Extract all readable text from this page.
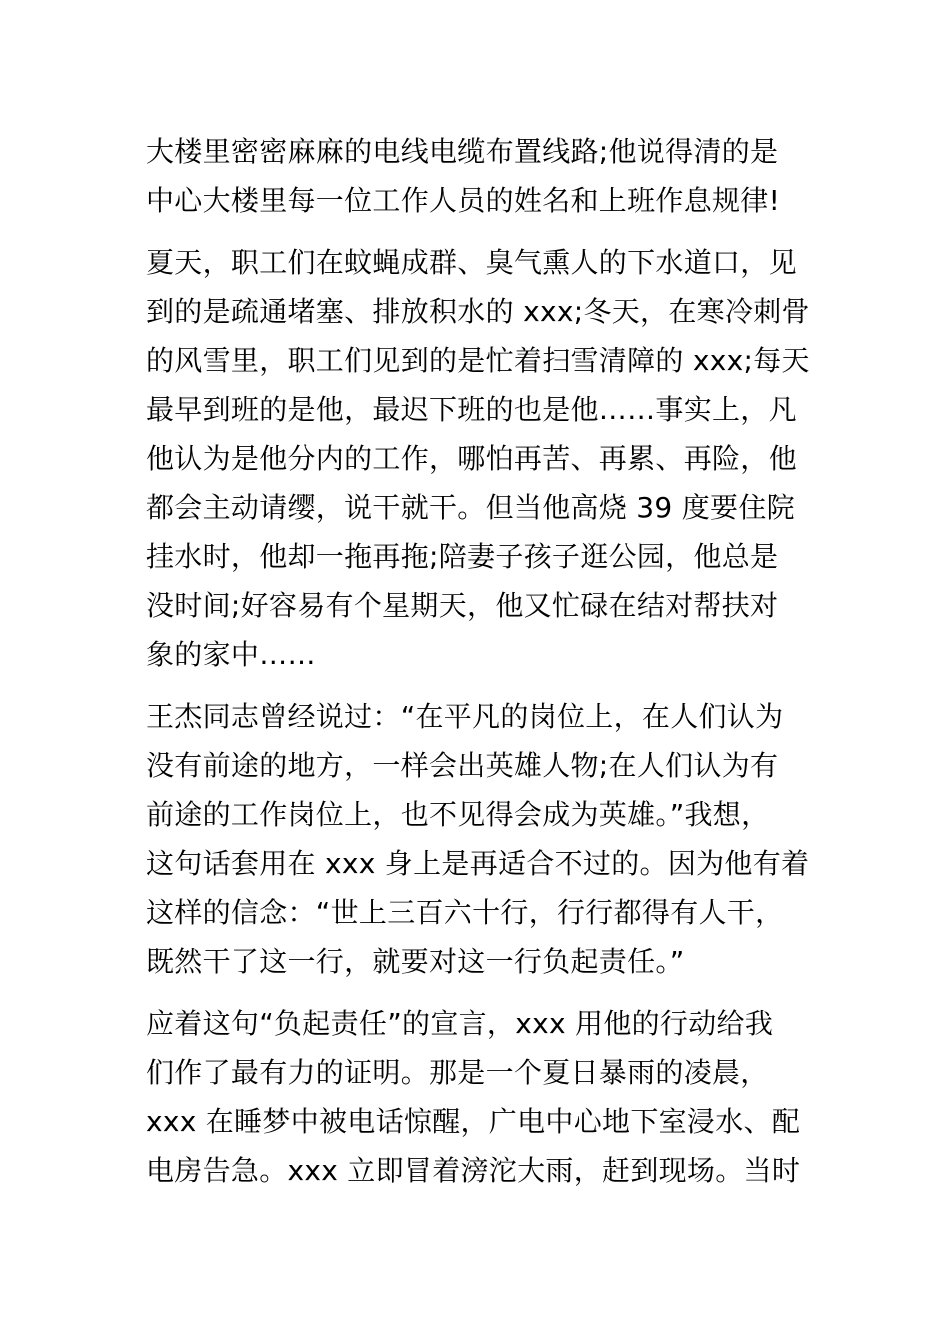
大楼里密密麻麻的电线电缆布置线路;他说得清的是
中心大楼里每一位工作人员的姓名和上班作息规律!
夏天，职工们在蚊蝇成群、臭气熏人的下水道口，见
到的是疏通堵塞、排放积水的 xxx;冬天，在寒冷刺骨
的风雪里，职工们见到的是忙着扫雪清障的 xxx;每天
最早到班的是他，最迟下班的也是他……事实上，凡
他认为是他分内的工作，哪怕再苦、再累、再险，他
都会主动请缨，说干就干。但当他高烧 39 度要住院
挂水时，他却一拖再拖;陪妻子孩子逛公园，他总是
没时间;好容易有个星期天，他又忙碌在结对帮扶对
象的家中……
王杰同志曾经说过：“在平凡的岗位上，在人们认为
没有前途的地方，一样会出英雄人物;在人们认为有
前途的工作岗位上，也不见得会成为英雄。”我想，
这句话套用在 xxx 身上是再适合不过的。因为他有着
这样的信念：“世上三百六十行，行行都得有人干，
既然干了这一行，就要对这一行负起责任。”
应着这句“负起责任”的宣言，xxx 用他的行动给我
们作了最有力的证明。那是一个夏日暴雨的凌晨，
xxx 在睡梦中被电话惊醒，广电中心地下室浸水、配
电房告急。xxx 立即冒着滂沱大雨，赶到现场。当时
